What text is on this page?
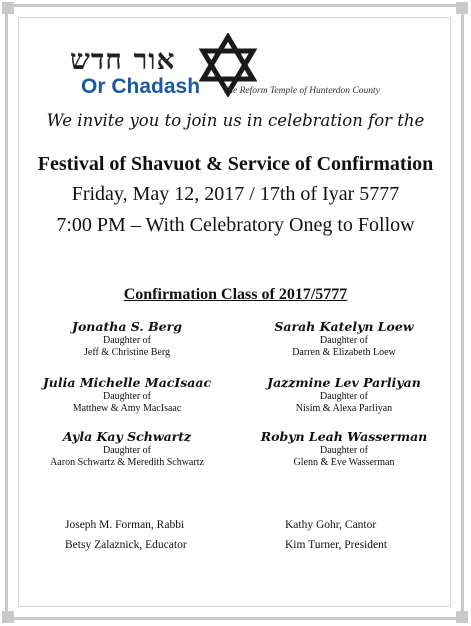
אור חדש
Or Chadash The Reform Temple of Hunterdon County
We invite you to join us in celebration for the
Festival of Shavuot & Service of Confirmation
Friday, May 12, 2017 / 17th of Iyar 5777
7:00 PM – With Celebratory Oneg to Follow
Confirmation Class of 2017/5777
Jonatha S. Berg
Daughter of
Jeff & Christine Berg
Sarah Katelyn Loew
Daughter of
Darren & Elizabeth Loew
Julia Michelle MacIsaac
Daughter of
Matthew & Amy MacIsaac
Jazzmine Lev Parliyan
Daughter of
Nisim & Alexa Parliyan
Ayla Kay Schwartz
Daughter of
Aaron Schwartz & Meredith Schwartz
Robyn Leah Wasserman
Daughter of
Glenn & Eve Wasserman
Joseph M. Forman, Rabbi
Betsy Zalaznick, Educator
Kathy Gohr, Cantor
Kim Turner, President
